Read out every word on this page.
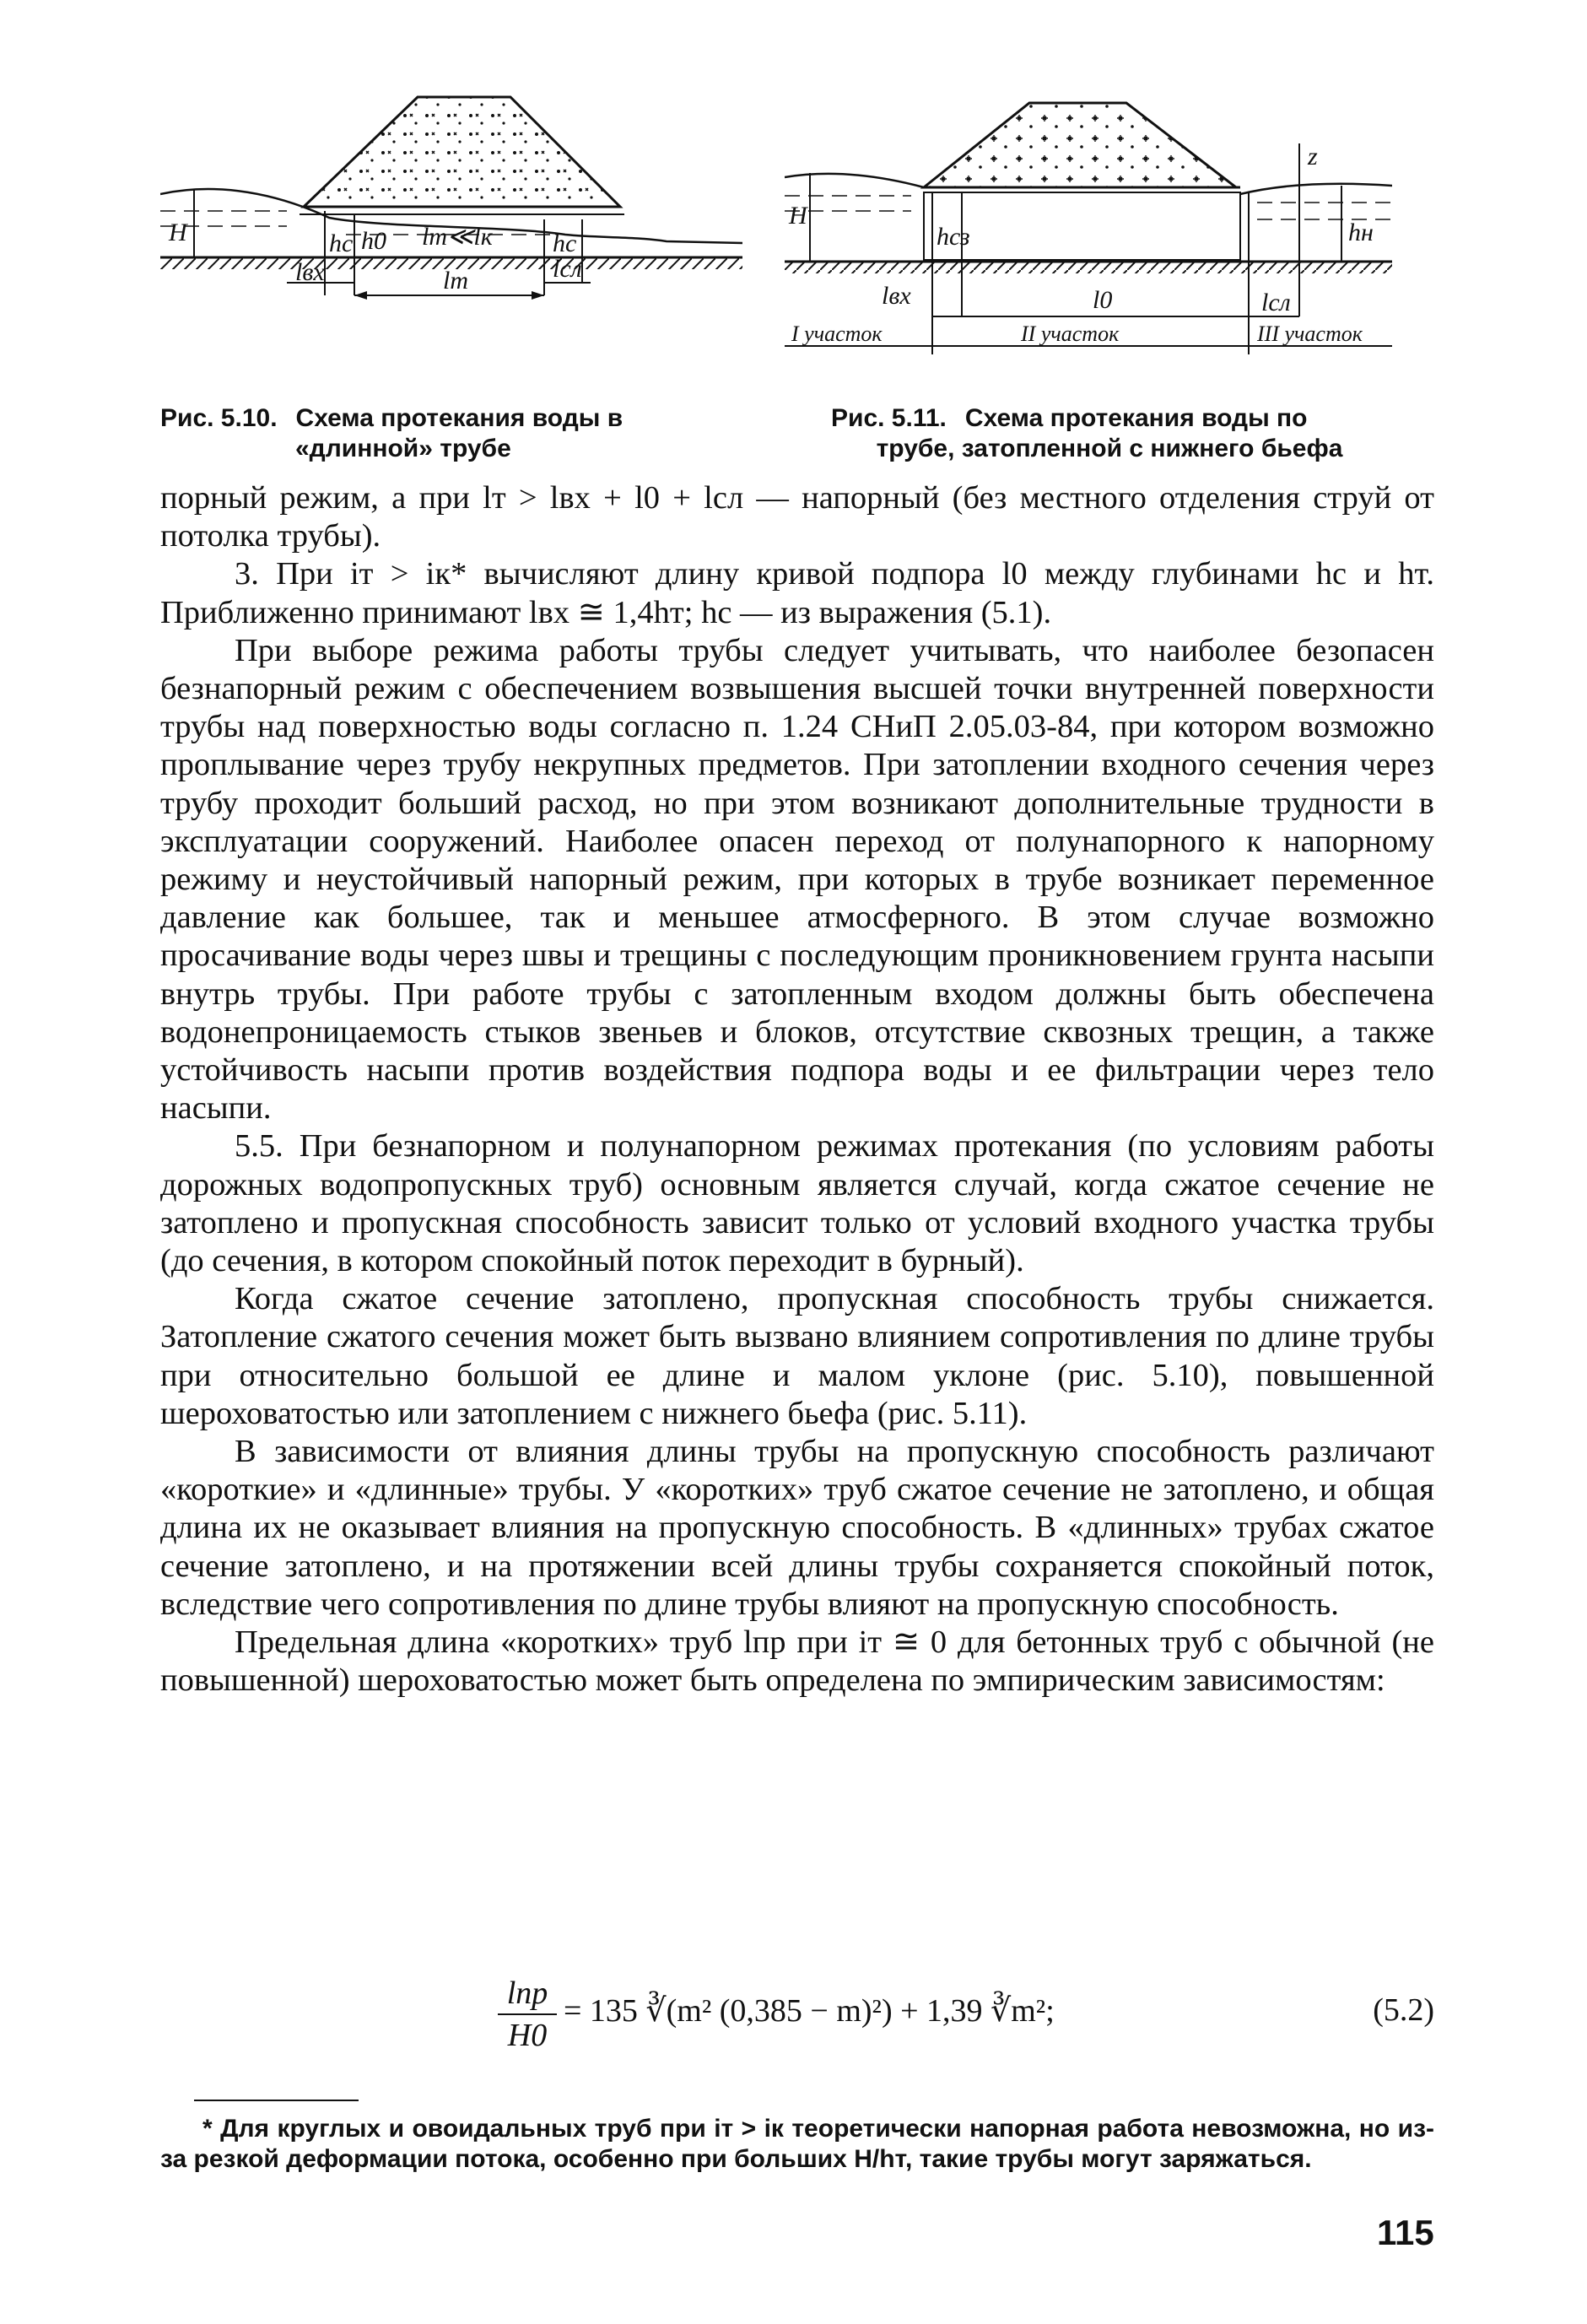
H	hc h0 lт≪lк hc
lвх	lт	lсл
H
hсз
z
hн
lвх	l0	lсл
I участок	II участок	III участок
Рис. 5.10. Схема протекания воды в
«длинной» трубе
Рис. 5.11. Схема протекания воды по
трубе, затопленной с нижнего бьефа

порный режим, а при lт > lвх + l0 + lсл — напорный (без местного отделения струй от потолка трубы).

3. При iт > iк* вычисляют длину кривой подпора l0 между глубинами hс и hт. Приближенно принимают lвх ≅ 1,4hт; hс — из выражения (5.1).

При выборе режима работы трубы следует учитывать, что наиболее безопасен безнапорный режим с обеспечением возвышения высшей точки внутренней поверхности трубы над поверхностью воды согласно п. 1.24 СНиП 2.05.03-84, при котором возможно проплывание через трубу некрупных предметов. При затоплении входного сечения через трубу проходит больший расход, но при этом возникают дополнительные трудности в эксплуатации сооружений. Наиболее опасен переход от полунапорного к напорному режиму и неустойчивый напорный режим, при которых в трубе возникает переменное давление как большее, так и меньшее атмосферного. В этом случае возможно просачивание воды через швы и трещины с последующим проникновением грунта насыпи внутрь трубы. При работе трубы с затопленным входом должны быть обеспечена водонепроницаемость стыков звеньев и блоков, отсутствие сквозных трещин, а также устойчивость насыпи против воздействия подпора воды и ее фильтрации через тело насыпи.

5.5. При безнапорном и полунапорном режимах протекания (по условиям работы дорожных водопропускных труб) основным является случай, когда сжатое сечение не затоплено и пропускная способность зависит только от условий входного участка трубы (до сечения, в котором спокойный поток переходит в бурный).

Когда сжатое сечение затоплено, пропускная способность трубы снижается. Затопление сжатого сечения может быть вызвано влиянием сопротивления по длине трубы при относительно большой ее длине и малом уклоне (рис. 5.10), повышенной шероховатостью или затоплением с нижнего бьефа (рис. 5.11).

В зависимости от влияния длины трубы на пропускную способность различают «короткие» и «длинные» трубы. У «коротких» труб сжатое сечение не затоплено, и общая длина их не оказывает влияния на пропускную способность. В «длинных» трубах сжатое сечение затоплено, и на протяжении всей длины трубы сохраняется спокойный поток, вследствие чего сопротивления по длине трубы влияют на пропускную способность.

Предельная длина «коротких» труб lпр при iт ≅ 0 для бетонных труб с обычной (не повышенной) шероховатостью может быть определена по эмпирическим зависимостям:

lпр
H0
= 135 ∛(m² (0,385 − m)²) + 1,39 ∛m²;	(5.2)
* Для круглых и овоидальных труб при iт > iк теоретически напорная работа невозможна, но из-за резкой деформации потока, особенно при больших H/hт, такие трубы могут заряжаться.
115
